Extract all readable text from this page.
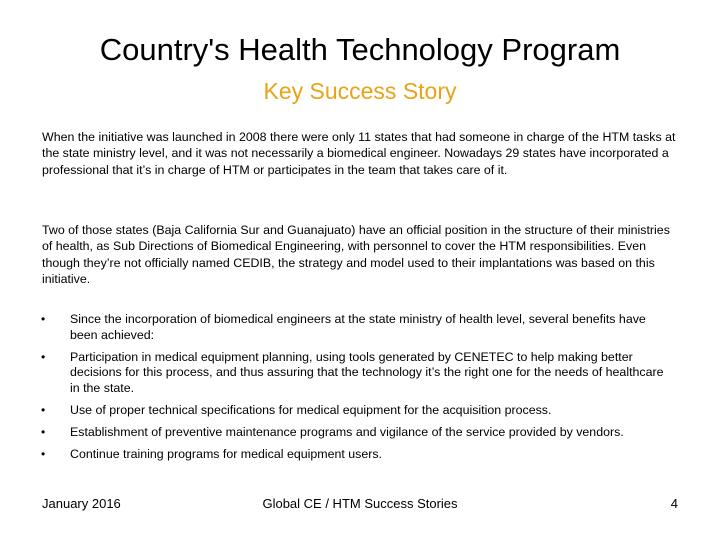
Country's Health Technology Program
Key Success Story

When the initiative was launched in 2008 there were only 11 states that had someone in charge of the HTM tasks at the state ministry level, and it was not necessarily a biomedical engineer. Nowadays 29 states have incorporated a professional that it’s in charge of HTM or participates in the team that takes care of it.

Two of those states (Baja California Sur and Guanajuato) have an official position in the structure of their ministries of health, as Sub Directions of Biomedical Engineering, with personnel to cover the HTM responsibilities. Even though they’re not officially named CEDIB, the strategy and model used to their implantations was based on this initiative.

•	Since the incorporation of biomedical engineers at the state ministry of health level, several benefits have been achieved:
•	Participation in medical equipment planning, using tools generated by CENETEC to help making better decisions for this process, and thus assuring that the technology it’s the right one for the needs of healthcare in the state.
•	Use of proper technical specifications for medical equipment for the acquisition process.
•	Establishment of preventive maintenance programs and vigilance of the service provided by vendors.
•	Continue training programs for medical equipment users.

January 2016	Global CE / HTM Success Stories	4
